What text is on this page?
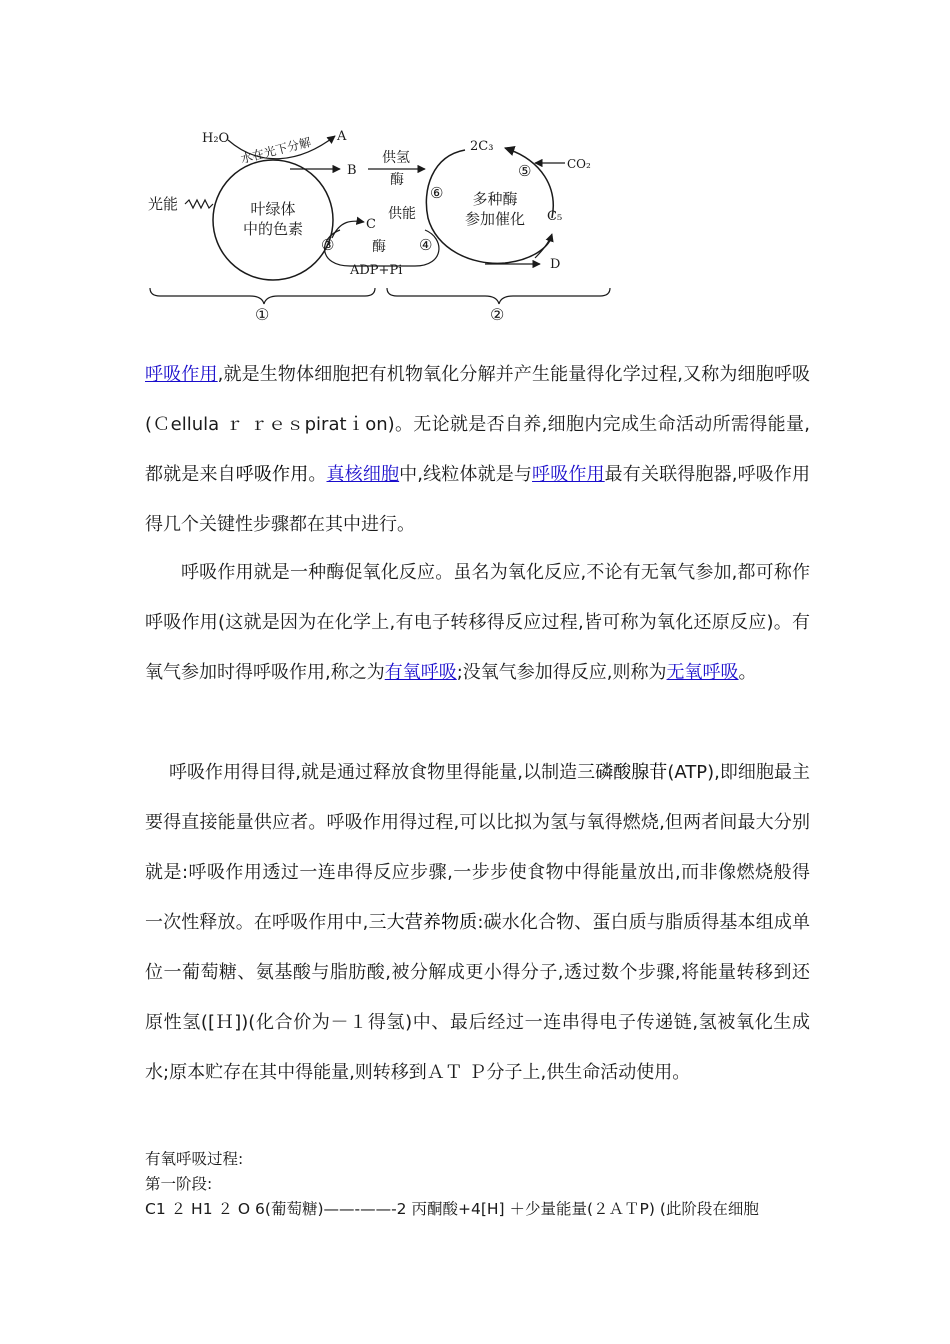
叶绿体
中的色素
光能
H₂O 水在光下分解 A
B
C
③	④
酶
ADP+Pi
供能
供氢
酶
2C₃
CO₂
C₅
⑤
⑥ 多种酶
参加催化
D
①	②

呼吸作用,就是生物体细胞把有机物氧化分解并产生能量得化学过程,又称为细胞呼吸(Ｃellula ｒ ｒｅｓpiratｉon)。无论就是否自养,细胞内完成生命活动所需得能量,都就是来自呼吸作用。真核细胞中,线粒体就是与呼吸作用最有关联得胞器,呼吸作用得几个关键性步骤都在其中进行。

呼吸作用就是一种酶促氧化反应。虽名为氧化反应,不论有无氧气参加,都可称作呼吸作用(这就是因为在化学上,有电子转移得反应过程,皆可称为氧化还原反应)。有氧气参加时得呼吸作用,称之为有氧呼吸;没氧气参加得反应,则称为无氧呼吸。

呼吸作用得目得,就是通过释放食物里得能量,以制造三磷酸腺苷(ATP),即细胞最主要得直接能量供应者。呼吸作用得过程,可以比拟为氢与氧得燃烧,但两者间最大分别就是:呼吸作用透过一连串得反应步骤,一步步使食物中得能量放出,而非像燃烧般得一次性释放。在呼吸作用中,三大营养物质:碳水化合物、蛋白质与脂质得基本组成单位一葡萄糖、氨基酸与脂肪酸,被分解成更小得分子,透过数个步骤,将能量转移到还原性氢([Ｈ])(化合价为－１得氢)中、最后经过一连串得电子传递链,氢被氧化生成水;原本贮存在其中得能量,则转移到ＡＴ Ｐ分子上,供生命活动使用。

有氧呼吸过程:

第一阶段:

C1 ２ H1 ２ O 6(葡萄糖)——-——-2 丙酮酸+4[H] ＋少量能量(２ＡＴP) (此阶段在细胞
